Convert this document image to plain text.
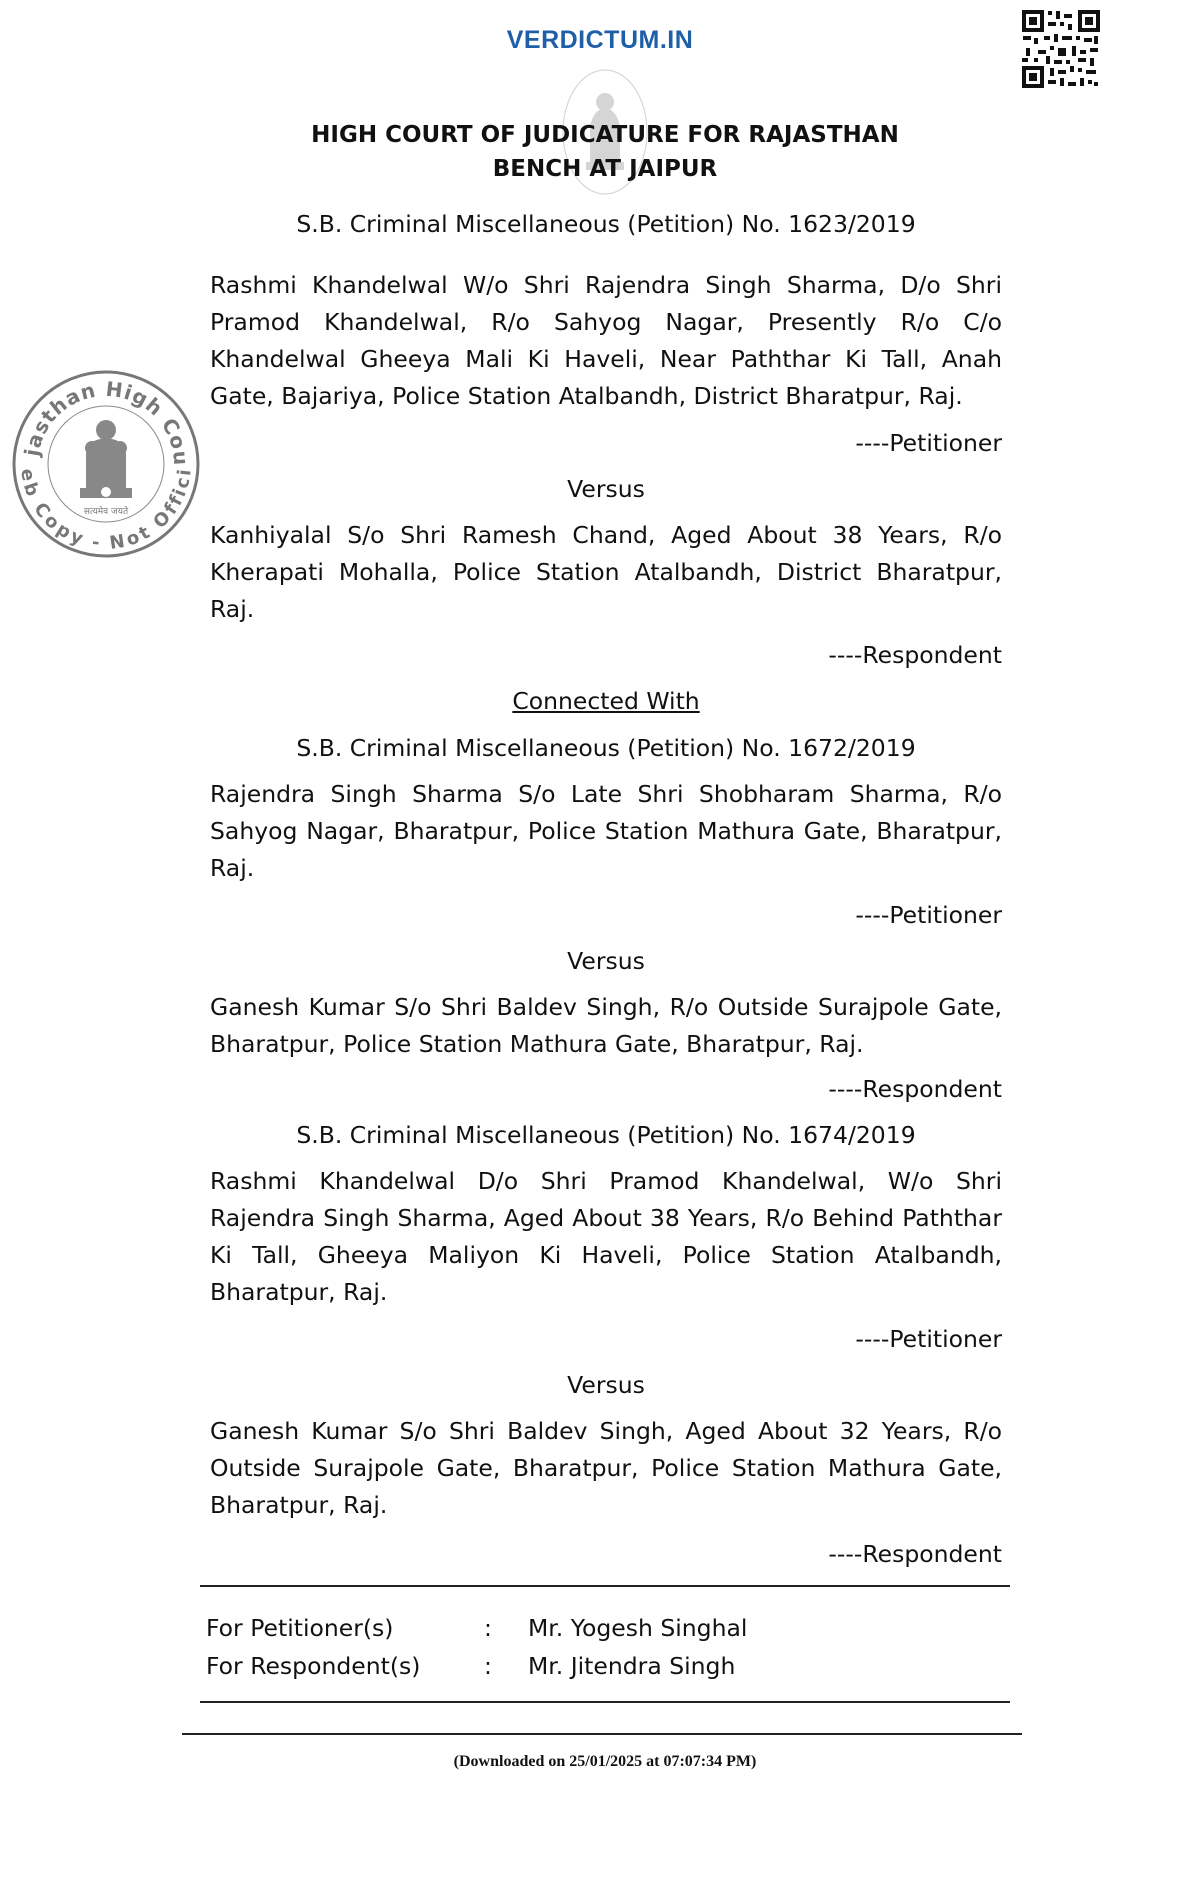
VERDICTUM.IN
HIGH COURT OF JUDICATURE FOR RAJASTHAN
BENCH AT JAIPUR
jasthan High Cou
eb Copy - Not Offici
सत्यमेव जयते
S.B. Criminal Miscellaneous (Petition) No. 1623/2019
Rashmi Khandelwal W/o Shri Rajendra Singh Sharma, D/o Shri Pramod Khandelwal, R/o Sahyog Nagar, Presently R/o C/o Khandelwal Gheeya Mali Ki Haveli, Near Paththar Ki Tall, Anah Gate, Bajariya, Police Station Atalbandh, District Bharatpur, Raj.
----Petitioner
Versus
Kanhiyalal S/o Shri Ramesh Chand, Aged About 38 Years, R/o Kherapati Mohalla, Police Station Atalbandh, District Bharatpur, Raj.
----Respondent
Connected With
S.B. Criminal Miscellaneous (Petition) No. 1672/2019
Rajendra Singh Sharma S/o Late Shri Shobharam Sharma, R/o Sahyog Nagar, Bharatpur, Police Station Mathura Gate, Bharatpur, Raj.
----Petitioner
Versus
Ganesh Kumar S/o Shri Baldev Singh, R/o Outside Surajpole Gate, Bharatpur, Police Station Mathura Gate, Bharatpur, Raj.
----Respondent
S.B. Criminal Miscellaneous (Petition) No. 1674/2019
Rashmi Khandelwal D/o Shri Pramod Khandelwal, W/o Shri Rajendra Singh Sharma, Aged About 38 Years, R/o Behind Paththar Ki Tall, Gheeya Maliyon Ki Haveli, Police Station Atalbandh, Bharatpur, Raj.
----Petitioner
Versus
Ganesh Kumar S/o Shri Baldev Singh, Aged About 32 Years, R/o Outside Surajpole Gate, Bharatpur, Police Station Mathura Gate, Bharatpur, Raj.
----Respondent
For Petitioner(s)	:	Mr. Yogesh Singhal
For Respondent(s)	:	Mr. Jitendra Singh
(Downloaded on 25/01/2025 at 07:07:34 PM)
